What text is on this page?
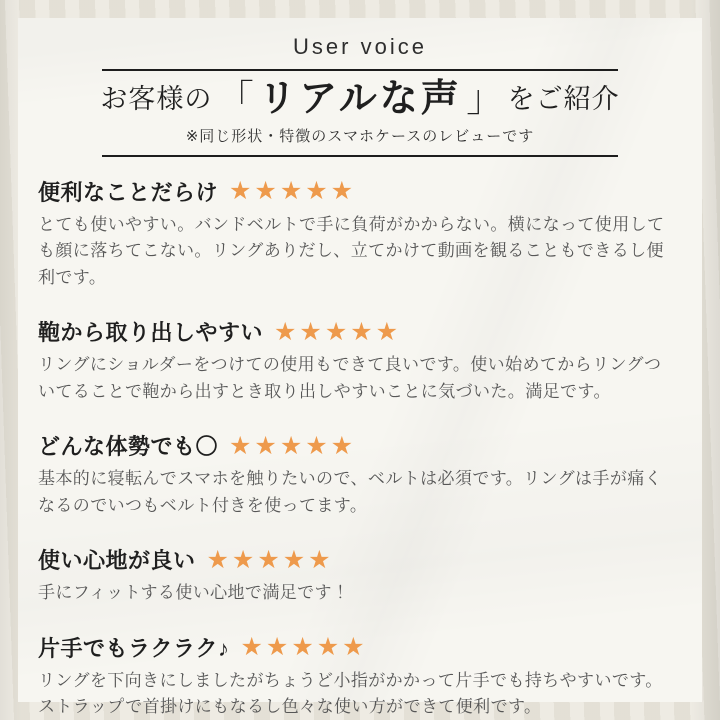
User voice
お客様の 「 リアルな声 」 をご紹介
※同じ形状・特徴のスマホケースのレビューです
便利なことだらけ ★★★★★
とても使いやすい。バンドベルトで手に負荷がかからない。横になって使用しても顔に落ちてこない。リングありだし、立てかけて動画を観ることもできるし便利です。
鞄から取り出しやすい ★★★★★
リングにショルダーをつけての使用もできて良いです。使い始めてからリングついてることで鞄から出すとき取り出しやすいことに気づいた。満足です。
どんな体勢でも〇 ★★★★★
基本的に寝転んでスマホを触りたいので、ベルトは必須です。リングは手が痛くなるのでいつもベルト付きを使ってます。
使い心地が良い ★★★★★
手にフィットする使い心地で満足です！
片手でもラクラク♪ ★★★★★
リングを下向きにしましたがちょうど小指がかかって片手でも持ちやすいです。ストラップで首掛けにもなるし色々な使い方ができて便利です。
